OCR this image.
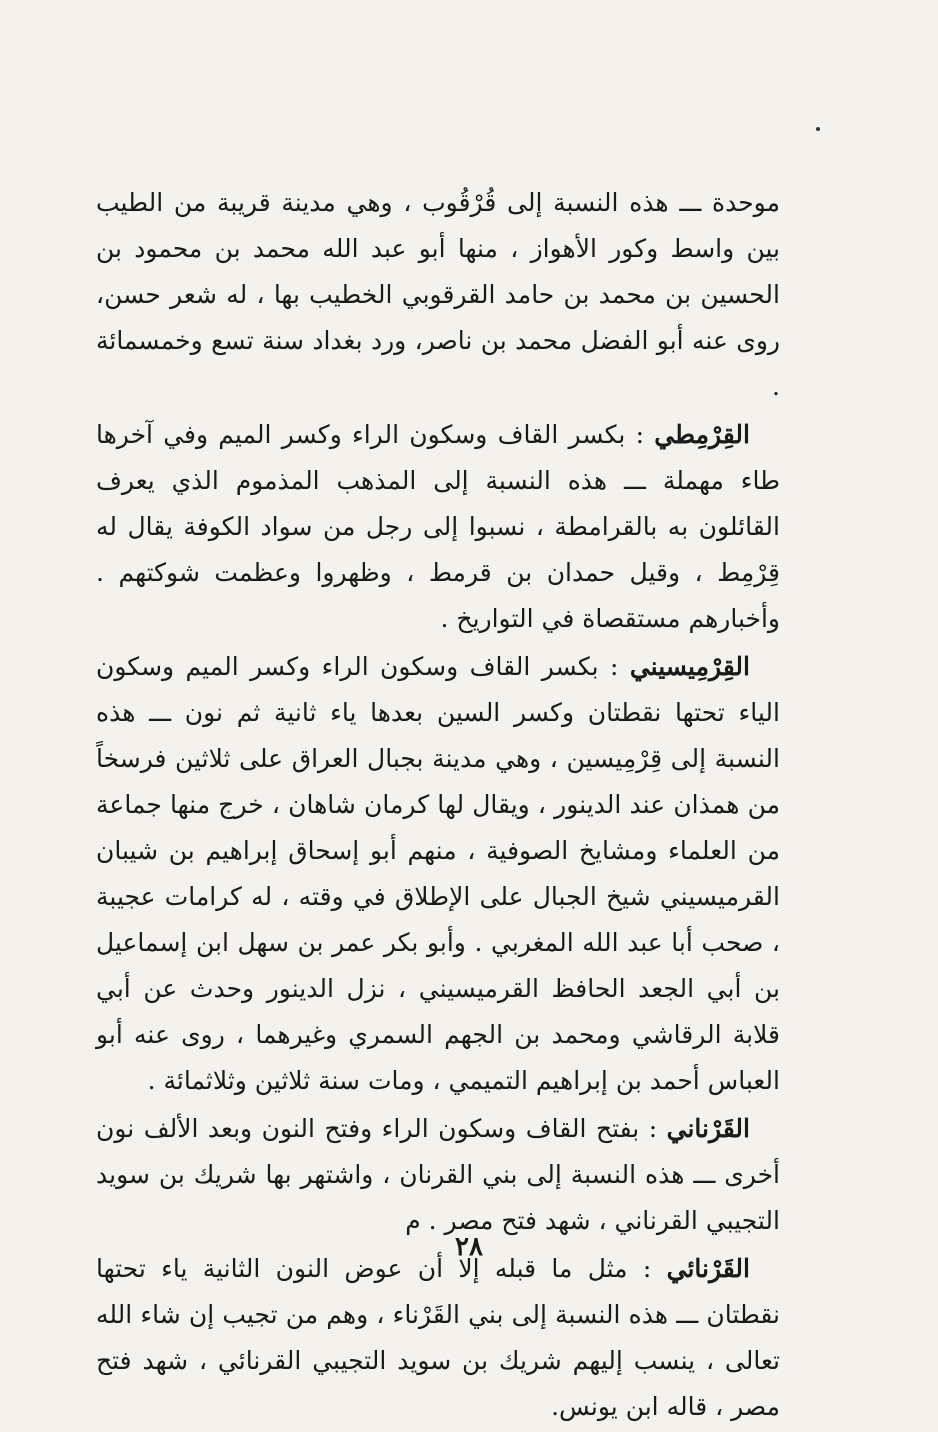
موحدة ـــ هذه النسبة إلى قُرْقُوب ، وهي مدينة قريبة من الطيب بين واسط وكور الأهواز ، منها أبو عبد الله محمد بن محمود بن الحسين بن محمد بن حامد القرقوبي الخطيب بها ، له شعر حسن، روى عنه أبو الفضل محمد بن ناصر، ورد بغداد سنة تسع وخمسمائة .

القِرْمِطي : بكسر القاف وسكون الراء وكسر الميم وفي آخرها طاء مهملة ـــ هذه النسبة إلى المذهب المذموم الذي يعرف القائلون به بالقرامطة ، نسبوا إلى رجل من سواد الكوفة يقال له قِرْمِط ، وقيل حمدان بن قرمط ، وظهروا وعظمت شوكتهم . وأخبارهم مستقصاة في التواريخ .

القِرْمِيسيني : بكسر القاف وسكون الراء وكسر الميم وسكون الياء تحتها نقطتان وكسر السين بعدها ياء ثانية ثم نون ـــ هذه النسبة إلى قِرْمِيسين ، وهي مدينة بجبال العراق على ثلاثين فرسخاً من همذان عند الدينور ، ويقال لها كرمان شاهان ، خرج منها جماعة من العلماء ومشايخ الصوفية ، منهم أبو إسحاق إبراهيم بن شيبان القرميسيني شيخ الجبال على الإطلاق في وقته ، له كرامات عجيبة ، صحب أبا عبد الله المغربي . وأبو بكر عمر بن سهل ابن إسماعيل بن أبي الجعد الحافظ القرميسيني ، نزل الدينور وحدث عن أبي قلابة الرقاشي ومحمد بن الجهم السمري وغيرهما ، روى عنه أبو العباس أحمد بن إبراهيم التميمي ، ومات سنة ثلاثين وثلاثمائة .

القَرْناني : بفتح القاف وسكون الراء وفتح النون وبعد الألف نون أخرى ـــ هذه النسبة إلى بني القرنان ، واشتهر بها شريك بن سويد التجيبي القرناني ، شهد فتح مصر . م

القَرْنائي : مثل ما قبله إلا أن عوض النون الثانية ياء تحتها نقطتان ـــ هذه النسبة إلى بني القَرْناء ، وهم من تجيب إن شاء الله تعالى ، ينسب إليهم شريك بن سويد التجيبي القرنائي ، شهد فتح مصر ، قاله ابن يونس.

٢٨
